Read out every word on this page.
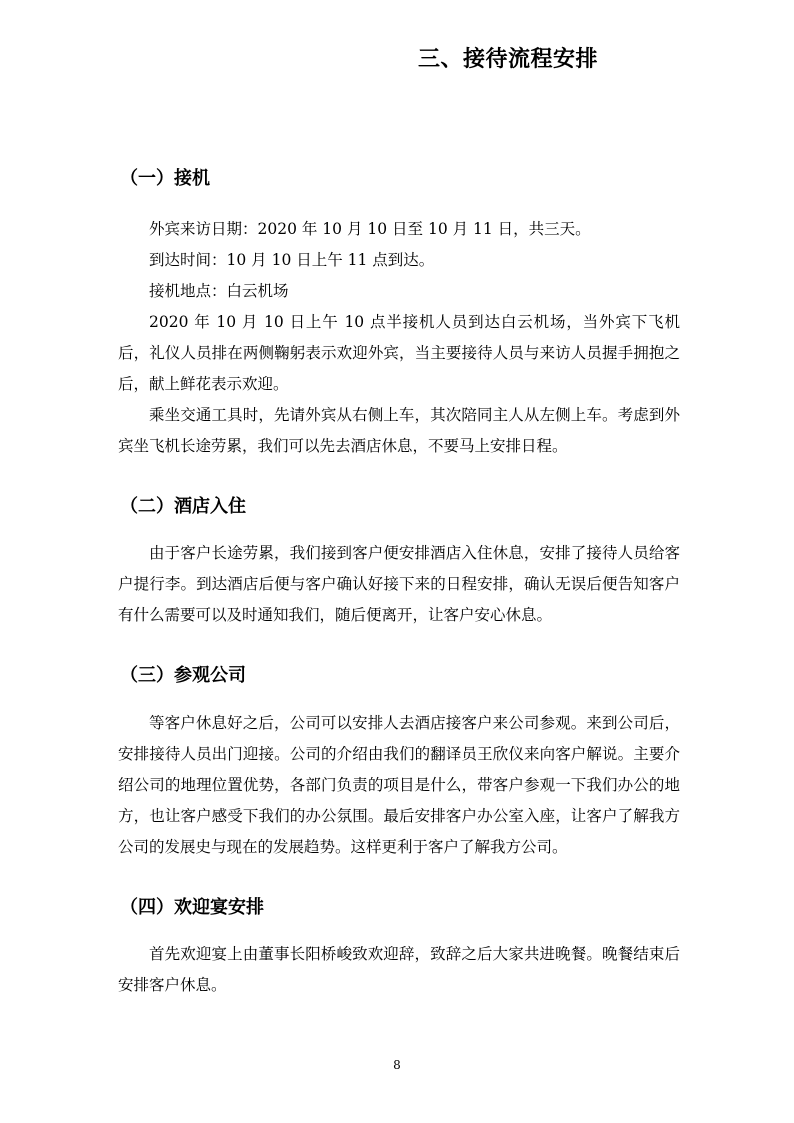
三、接待流程安排
（一）接机

外宾来访日期：2020 年 10 月 10 日至 10 月 11 日，共三天。

到达时间：10 月 10 日上午 11 点到达。

接机地点：白云机场

2020 年 10 月 10 日上午 10 点半接机人员到达白云机场，当外宾下飞机后，礼仪人员排在两侧鞠躬表示欢迎外宾，当主要接待人员与来访人员握手拥抱之后，献上鲜花表示欢迎。

乘坐交通工具时，先请外宾从右侧上车，其次陪同主人从左侧上车。考虑到外宾坐飞机长途劳累，我们可以先去酒店休息，不要马上安排日程。

（二）酒店入住

由于客户长途劳累，我们接到客户便安排酒店入住休息，安排了接待人员给客户提行李。到达酒店后便与客户确认好接下来的日程安排，确认无误后便告知客户有什么需要可以及时通知我们，随后便离开，让客户安心休息。

（三）参观公司

等客户休息好之后，公司可以安排人去酒店接客户来公司参观。来到公司后，安排接待人员出门迎接。公司的介绍由我们的翻译员王欣仪来向客户解说。主要介绍公司的地理位置优势，各部门负责的项目是什么，带客户参观一下我们办公的地方，也让客户感受下我们的办公氛围。最后安排客户办公室入座，让客户了解我方公司的发展史与现在的发展趋势。这样更利于客户了解我方公司。

（四）欢迎宴安排

首先欢迎宴上由董事长阳桥峻致欢迎辞，致辞之后大家共进晚餐。晚餐结束后安排客户休息。

8
